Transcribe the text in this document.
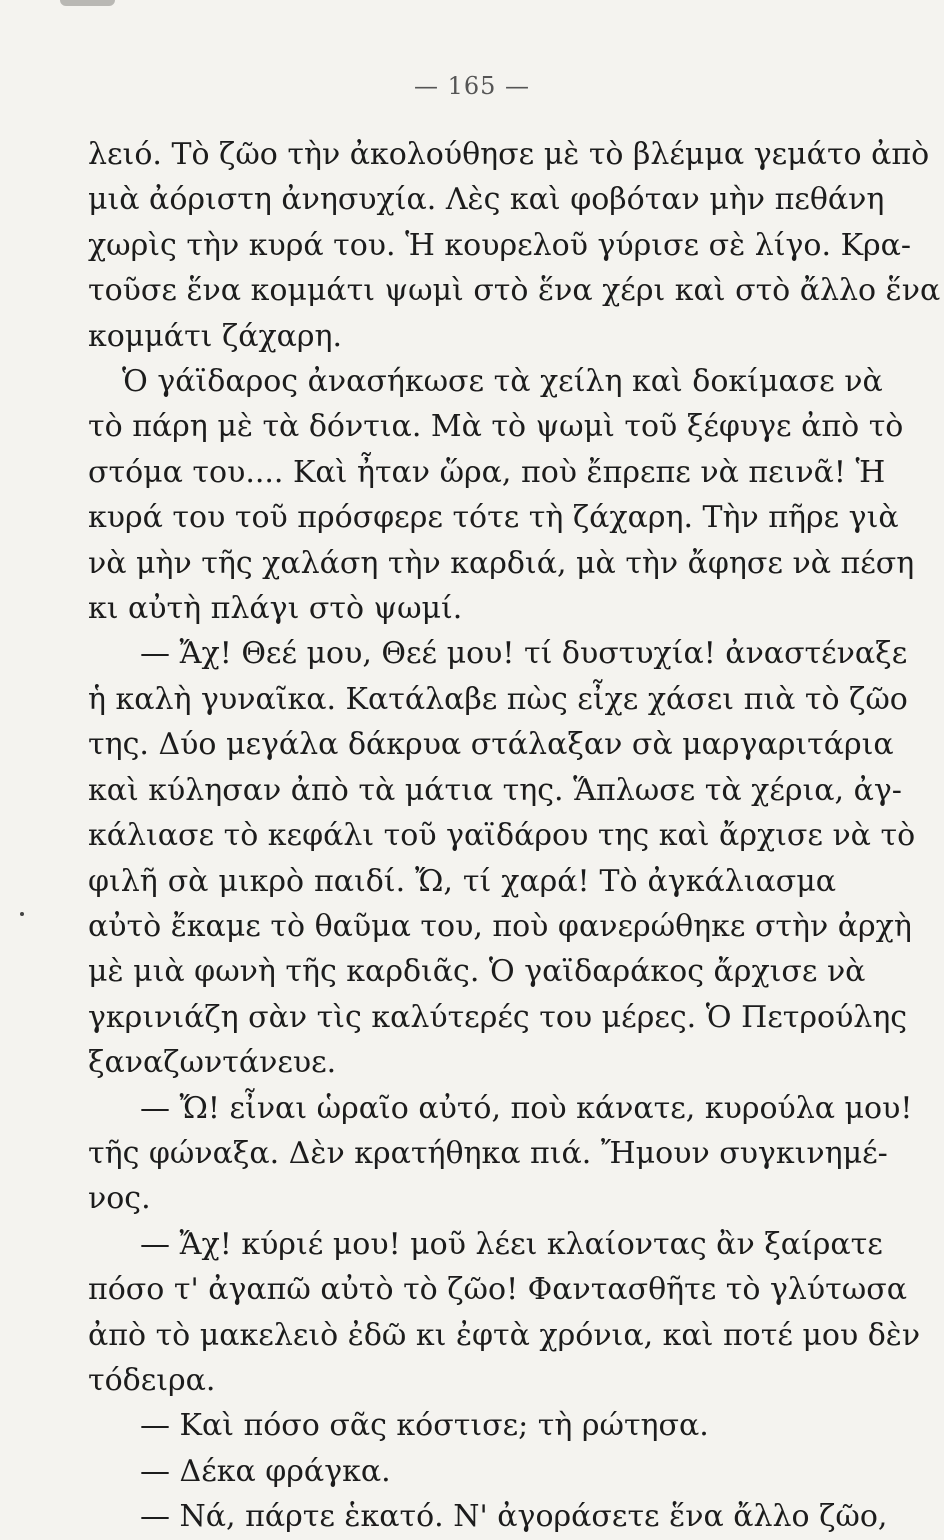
— 165 —
λειό. Τὸ ζῶο τὴν ἀκολούθησε μὲ τὸ βλέμμα γεμάτο ἀπὸ
μιὰ ἀόριστη ἀνησυχία. Λὲς καὶ φοβόταν μὴν πεθάνη
χωρὶς τὴν κυρά του. Ἡ κουρελοῦ γύρισε σὲ λίγο. Κρα-
τοῦσε ἕνα κομμάτι ψωμὶ στὸ ἕνα χέρι καὶ στὸ ἄλλο ἕνα
κομμάτι ζάχαρη.
Ὁ γάϊδαρος ἀνασήκωσε τὰ χείλη καὶ δοκίμασε νὰ
τὸ πάρη μὲ τὰ δόντια. Μὰ τὸ ψωμὶ τοῦ ξέφυγε ἀπὸ τὸ
στόμα του.... Καὶ ἦταν ὥρα, ποὺ ἔπρεπε νὰ πεινᾶ! Ἡ
κυρά του τοῦ πρόσφερε τότε τὴ ζάχαρη. Τὴν πῆρε γιὰ
νὰ μὴν τῆς χαλάση τὴν καρδιά, μὰ τὴν ἄφησε νὰ πέση
κι αὐτὴ πλάγι στὸ ψωμί.
— Ἄχ! Θεέ μου, Θεέ μου! τί δυστυχία! ἀναστέναξε
ἡ καλὴ γυναῖκα. Κατάλαβε πὼς εἶχε χάσει πιὰ τὸ ζῶο
της. Δύο μεγάλα δάκρυα στάλαξαν σὰ μαργαριτάρια
καὶ κύλησαν ἀπὸ τὰ μάτια της. Ἅπλωσε τὰ χέρια, ἀγ-
κάλιασε τὸ κεφάλι τοῦ γαϊδάρου της καὶ ἄρχισε νὰ τὸ
φιλῆ σὰ μικρὸ παιδί. Ὤ, τί χαρά! Τὸ ἀγκάλιασμα
αὐτὸ ἔκαμε τὸ θαῦμα του, ποὺ φανερώθηκε στὴν ἀρχὴ
μὲ μιὰ φωνὴ τῆς καρδιᾶς. Ὁ γαϊδαράκος ἄρχισε νὰ
γκρινιάζη σὰν τὶς καλύτερές του μέρες. Ὁ Πετρούλης
ξαναζωντάνευε.
— Ὤ! εἶναι ὡραῖο αὐτό, ποὺ κάνατε, κυρούλα μου!
τῆς φώναξα. Δὲν κρατήθηκα πιά. Ἤμουν συγκινημέ-
νος.
— Ἄχ! κύριέ μου! μοῦ λέει κλαίοντας ἂν ξαίρατε
πόσο τ' ἀγαπῶ αὐτὸ τὸ ζῶο! Φαντασθῆτε τὸ γλύτωσα
ἀπὸ τὸ μακελειὸ ἐδῶ κι ἐφτὰ χρόνια, καὶ ποτέ μου δὲν
τόδειρα.
— Καὶ πόσο σᾶς κόστισε; τὴ ρώτησα.
— Δέκα φράγκα.
— Νά, πάρτε ἑκατό. Ν' ἀγοράσετε ἕνα ἄλλο ζῶο,
